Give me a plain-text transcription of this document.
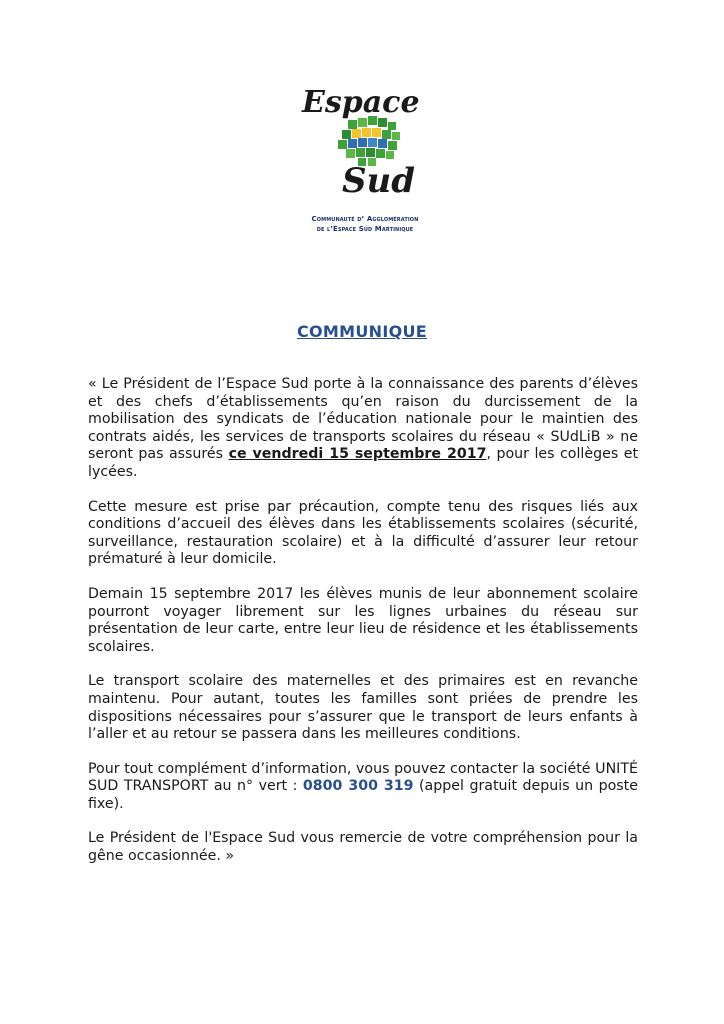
Espace
Sud
Communauté d’ Agglomération
de l’Espace Sud Martinique
COMMUNIQUE

« Le Président de l’Espace Sud porte à la connaissance des parents d’élèves et des chefs d’établissements qu’en raison du durcissement de la mobilisation des syndicats de l’éducation nationale pour le maintien des contrats aidés, les services de transports scolaires du réseau « SUdLiB » ne seront pas assurés ce vendredi 15 septembre 2017, pour les collèges et lycées.

Cette mesure est prise par précaution, compte tenu des risques liés aux conditions d’accueil des élèves dans les établissements scolaires (sécurité, surveillance, restauration scolaire) et à la difficulté d’assurer leur retour prématuré à leur domicile.

Demain 15 septembre 2017 les élèves munis de leur abonnement scolaire pourront voyager librement sur les lignes urbaines du réseau sur présentation de leur carte, entre leur lieu de résidence et les établissements scolaires.

Le transport scolaire des maternelles et des primaires est en revanche maintenu. Pour autant, toutes les familles sont priées de prendre les dispositions nécessaires pour s’assurer que le transport de leurs enfants à l’aller et au retour se passera dans les meilleures conditions.

Pour tout complément d’information, vous pouvez contacter la société UNITÉ SUD TRANSPORT au n° vert : 0800 300 319 (appel gratuit depuis un poste fixe).

Le Président de l'Espace Sud vous remercie de votre compréhension pour la gêne occasionnée. »
